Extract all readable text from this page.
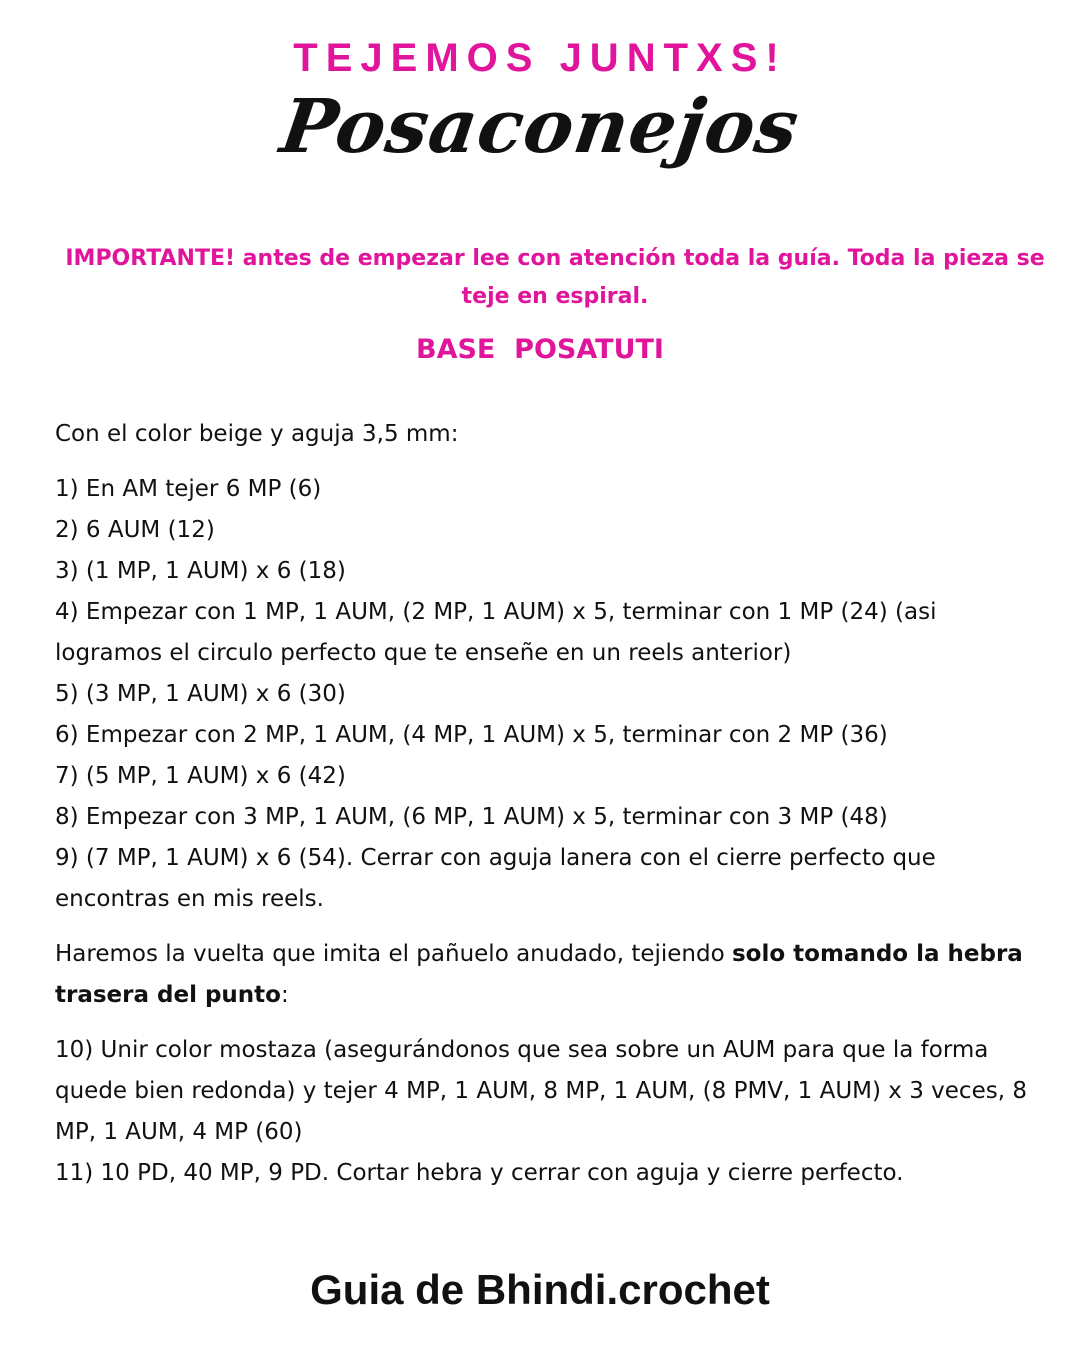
TEJEMOS JUNTXS!
Posaconejos
IMPORTANTE! antes de empezar lee con atención toda la guía. Toda la pieza se teje en espiral.
BASE  POSATUTI

Con el color beige y aguja 3,5 mm:

1) En AM tejer 6 MP (6)
2) 6 AUM (12)
3) (1 MP, 1 AUM) x 6 (18)
4) Empezar con 1 MP, 1 AUM, (2 MP, 1 AUM) x 5, terminar con 1 MP (24) (asi logramos el circulo perfecto que te enseñe en un reels anterior)
5) (3 MP, 1 AUM) x 6 (30)
6) Empezar con 2 MP, 1 AUM, (4 MP, 1 AUM) x 5, terminar con 2 MP (36)
7) (5 MP, 1 AUM) x 6 (42)
8) Empezar con 3 MP, 1 AUM, (6 MP, 1 AUM) x 5, terminar con 3 MP (48)
9) (7 MP, 1 AUM) x 6 (54). Cerrar con aguja lanera con el cierre perfecto que encontras en mis reels.

Haremos la vuelta que imita el pañuelo anudado, tejiendo solo tomando la hebra trasera del punto:

10) Unir color mostaza (asegurándonos que sea sobre un AUM para que la forma quede bien redonda) y tejer 4 MP, 1 AUM, 8 MP, 1 AUM, (8 PMV, 1 AUM) x 3 veces, 8 MP, 1 AUM, 4 MP (60)
11) 10 PD, 40 MP, 9 PD. Cortar hebra y cerrar con aguja y cierre perfecto.
Guia de Bhindi.crochet
